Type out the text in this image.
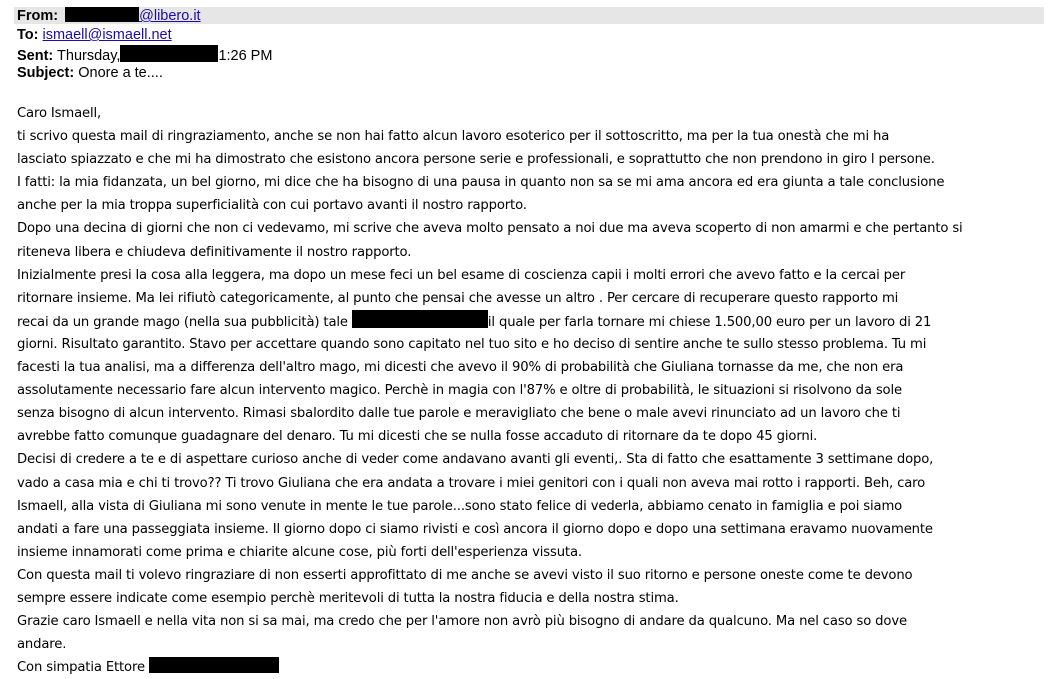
From:	@libero.it
To: ismaell@ismaell.net
Sent: Thursday,	1:26 PM
Subject: Onore a te....
Caro Ismaell,
ti scrivo questa mail di ringraziamento, anche se non hai fatto alcun lavoro esoterico per il sottoscritto, ma per la tua onestà che mi ha
lasciato spiazzato e che mi ha dimostrato che esistono ancora persone serie e professionali, e soprattutto che non prendono in giro l persone.
I fatti: la mia fidanzata, un bel giorno, mi dice che ha bisogno di una pausa in quanto non sa se mi ama ancora ed era giunta a tale conclusione
anche per la mia troppa superficialità con cui portavo avanti il nostro rapporto.
Dopo una decina di giorni che non ci vedevamo, mi scrive che aveva molto pensato a noi due ma aveva scoperto di non amarmi e che pertanto si
riteneva libera e chiudeva definitivamente il nostro rapporto.
Inizialmente presi la cosa alla leggera, ma dopo un mese feci un bel esame di coscienza capii i molti errori che avevo fatto e la cercai per
ritornare insieme. Ma lei rifiutò categoricamente, al punto che pensai che avesse un altro . Per cercare di recuperare questo rapporto mi
recai da un grande mago (nella sua pubblicità) tale	il quale per farla tornare mi chiese 1.500,00 euro per un lavoro di 21
giorni. Risultato garantito. Stavo per accettare quando sono capitato nel tuo sito e ho deciso di sentire anche te sullo stesso problema. Tu mi
facesti la tua analisi, ma a differenza dell'altro mago, mi dicesti che avevo il 90% di probabilità che Giuliana tornasse da me, che non era
assolutamente necessario fare alcun intervento magico. Perchè in magia con l'87% e oltre di probabilità, le situazioni si risolvono da sole
senza bisogno di alcun intervento. Rimasi sbalordito dalle tue parole e meravigliato che bene o male avevi rinunciato ad un lavoro che ti
avrebbe fatto comunque guadagnare del denaro. Tu mi dicesti che se nulla fosse accaduto di ritornare da te dopo 45 giorni.
Decisi di credere a te e di aspettare curioso anche di veder come andavano avanti gli eventi,. Sta di fatto che esattamente 3 settimane dopo,
vado a casa mia e chi ti trovo?? Ti trovo Giuliana che era andata a trovare i miei genitori con i quali non aveva mai rotto i rapporti. Beh, caro
Ismaell, alla vista di Giuliana mi sono venute in mente le tue parole...sono stato felice di vederla, abbiamo cenato in famiglia e poi siamo
andati a fare una passeggiata insieme. Il giorno dopo ci siamo rivisti e così ancora il giorno dopo e dopo una settimana eravamo nuovamente
insieme innamorati come prima e chiarite alcune cose, più forti dell'esperienza vissuta.
Con questa mail ti volevo ringraziare di non esserti approfittato di me anche se avevi visto il suo ritorno e persone oneste come te devono
sempre essere indicate come esempio perchè meritevoli di tutta la nostra fiducia e della nostra stima.
Grazie caro Ismaell e nella vita non si sa mai, ma credo che per l'amore non avrò più bisogno di andare da qualcuno. Ma nel caso so dove
andare.
Con simpatia Ettore
